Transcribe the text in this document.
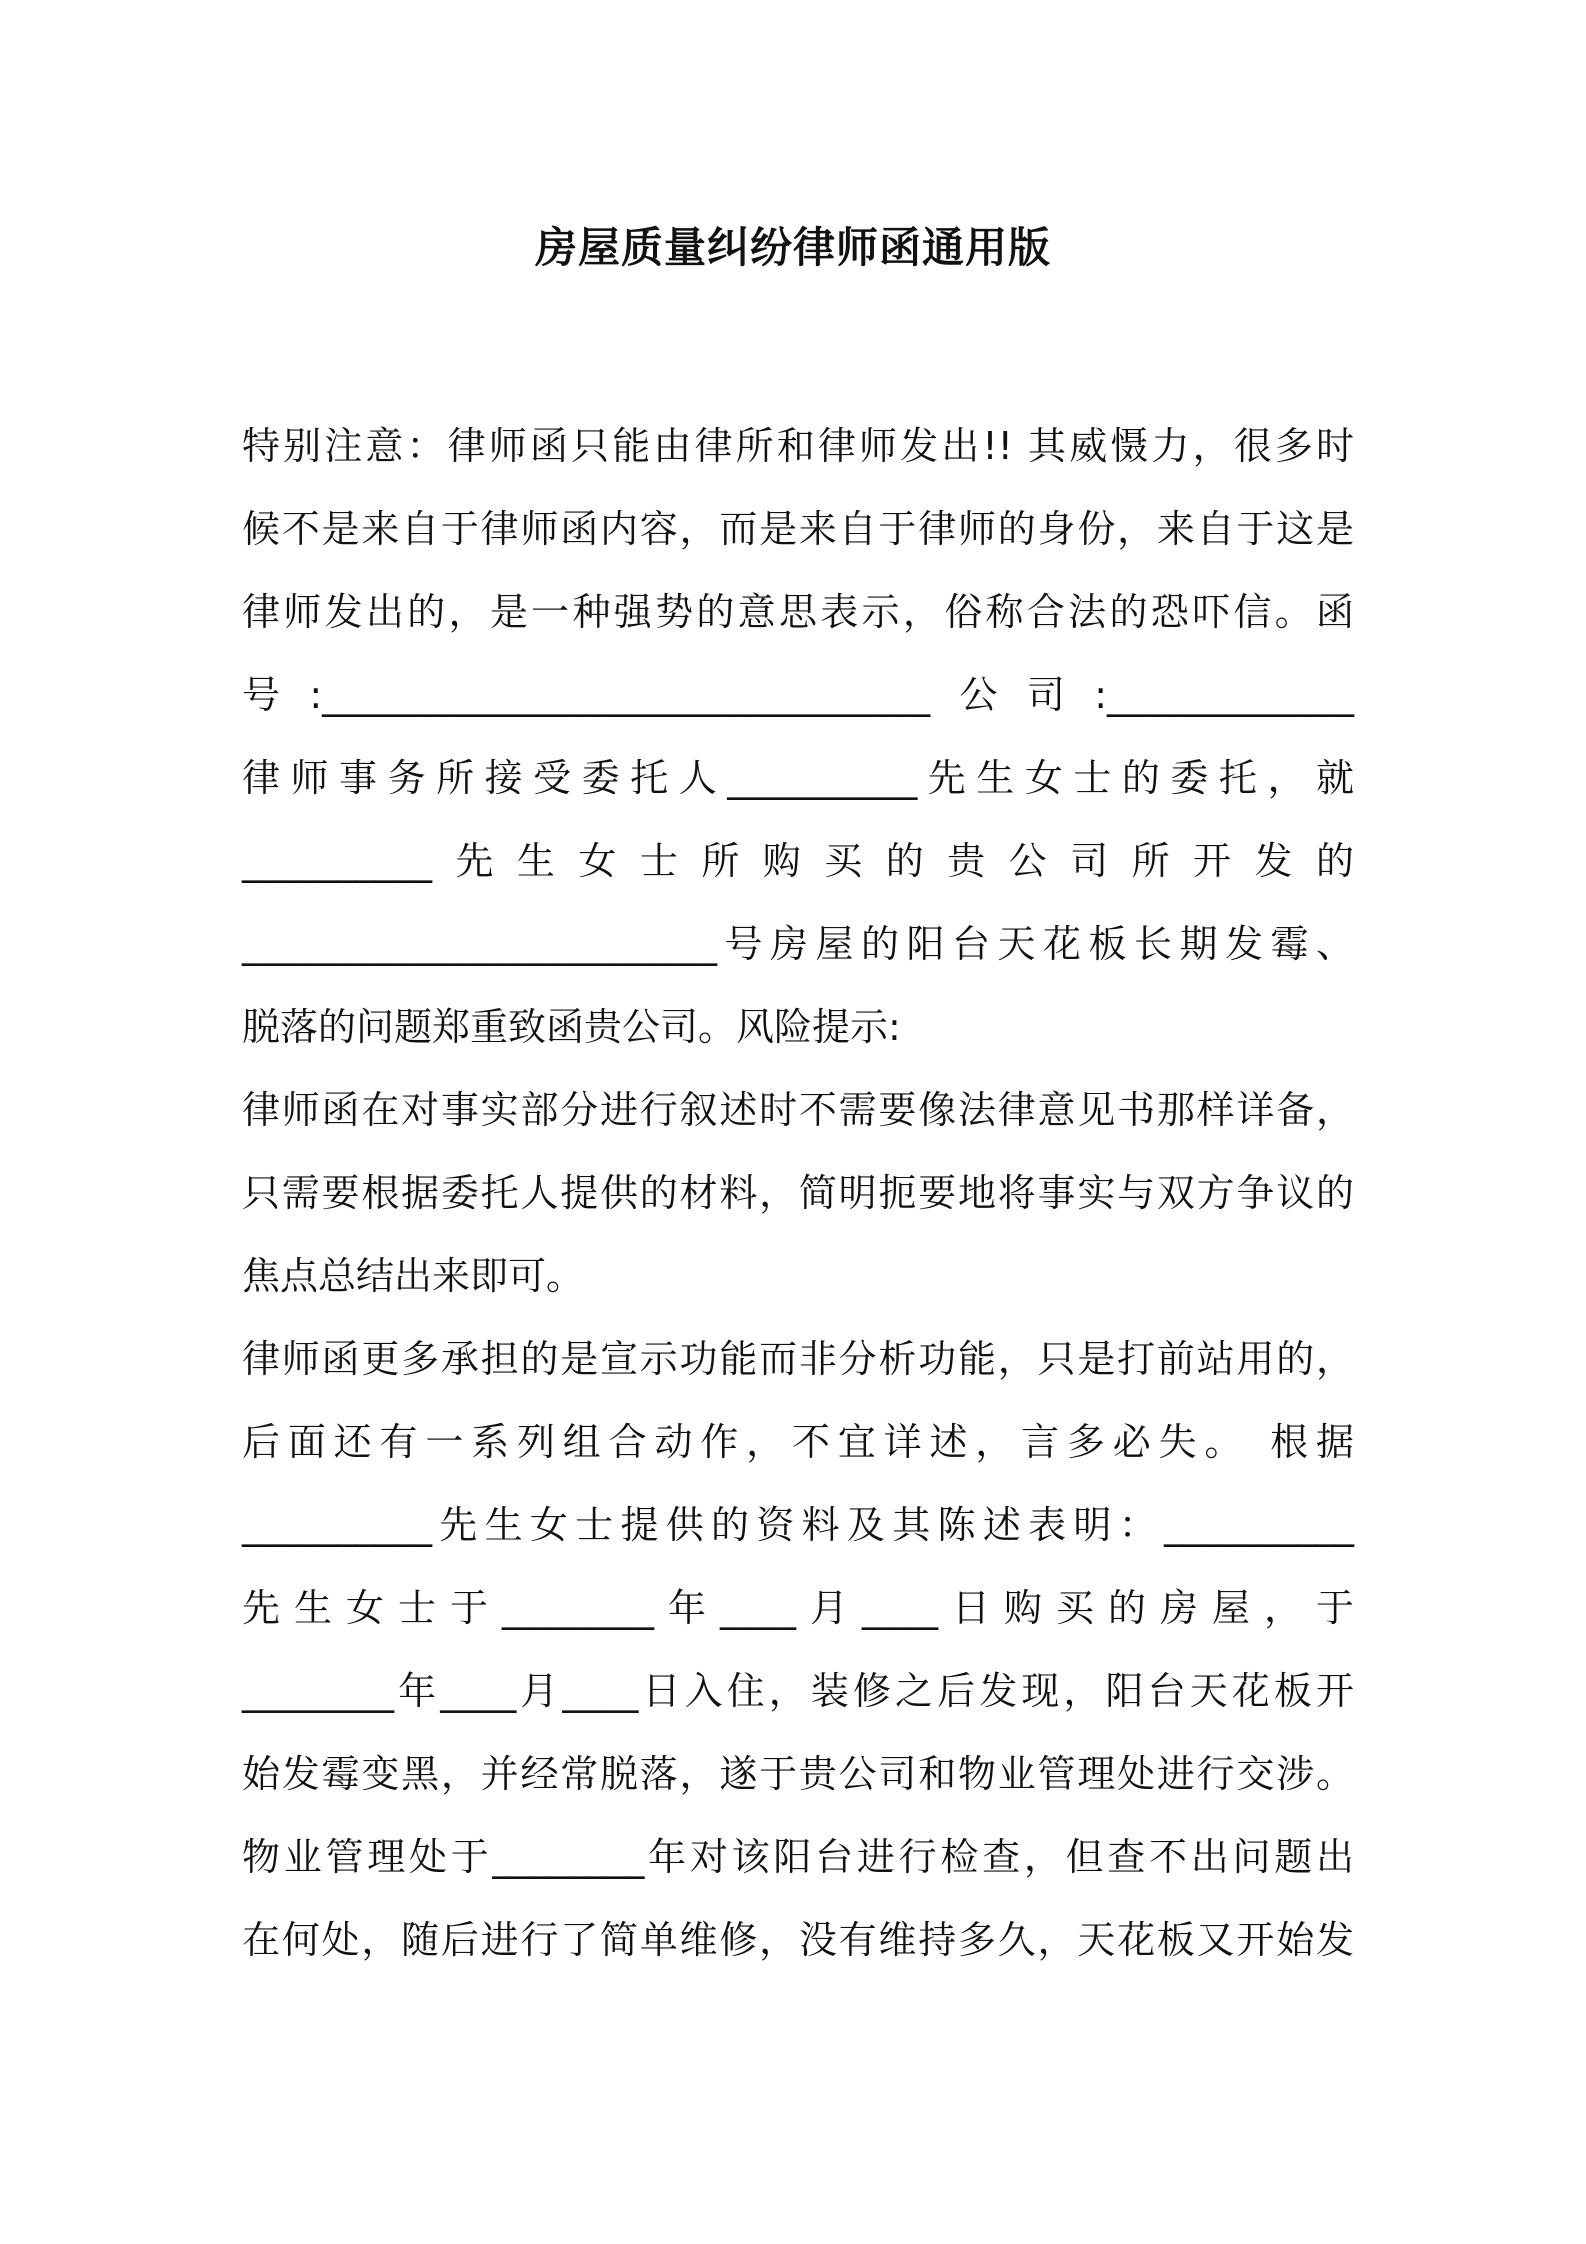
房屋质量纠纷律师函通用版
特别注意：律师函只能由律所和律师发出!! 其威慑力，很多时
候不是来自于律师函内容，而是来自于律师的身份，来自于这是
律师发出的，是一种强势的意思表示，俗称合法的恐吓信。函
号:________________________________公司:_____________
律师事务所接受委托人__________先生女士的委托，就
__________先生女士所购买的贵公司所开发的
_________________________号房屋的阳台天花板长期发霉、
脱落的问题郑重致函贵公司。风险提示:
律师函在对事实部分进行叙述时不需要像法律意见书那样详备，
只需要根据委托人提供的材料，简明扼要地将事实与双方争议的
焦点总结出来即可。
律师函更多承担的是宣示功能而非分析功能，只是打前站用的，
后面还有一系列组合动作，不宜详述，言多必失。 根据
__________先生女士提供的资料及其陈述表明：__________
先生女士于________年____月____日购买的房屋，于
________年____月____日入住，装修之后发现，阳台天花板开
始发霉变黑，并经常脱落，遂于贵公司和物业管理处进行交涉。
物业管理处于________年对该阳台进行检查，但查不出问题出
在何处，随后进行了简单维修，没有维持多久，天花板又开始发
